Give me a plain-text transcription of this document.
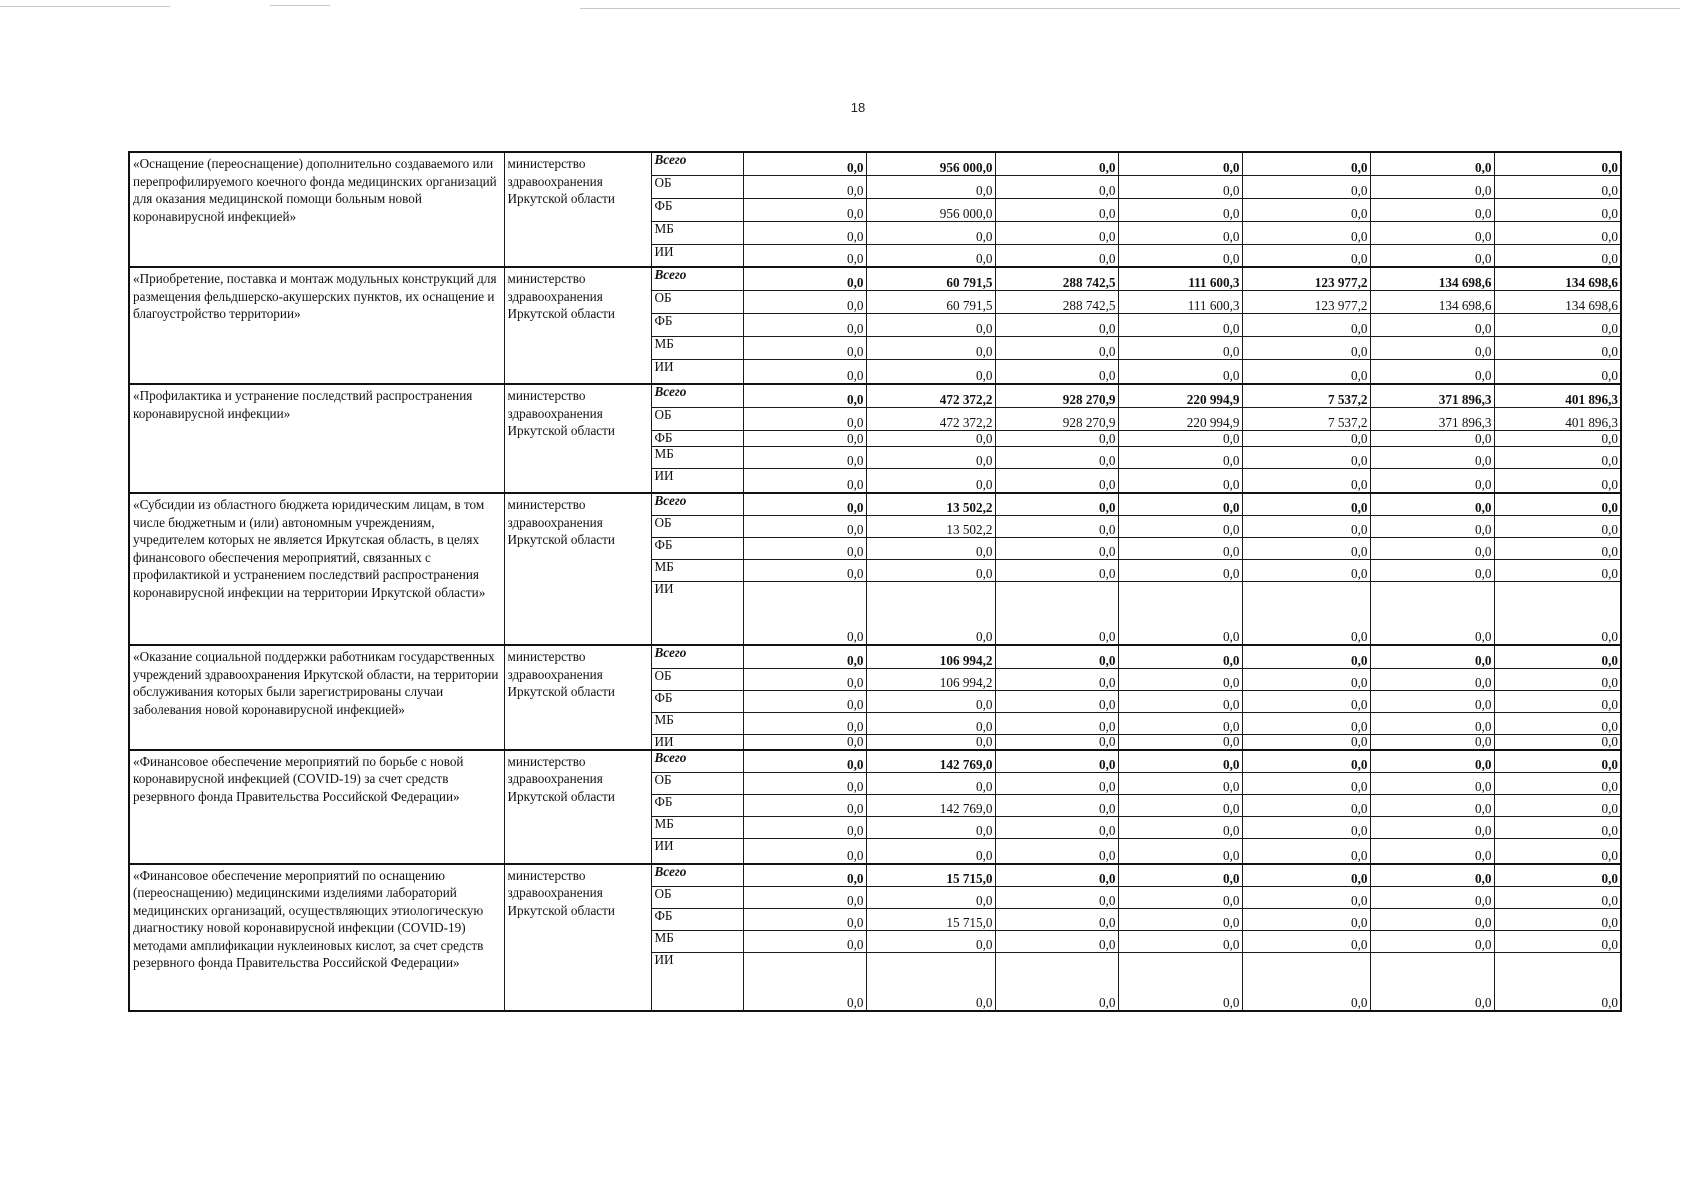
18
«Оснащение (переоснащение) дополнительно создаваемого или перепрофилируемого коечного фонда медицинских организаций для оказания медицинской помощи больным новой коронавирусной инфекцией»	министерство здравоохранения Иркутской области	Всего	0,0	956 000,0	0,0	0,0	0,0	0,0	0,0
		ОБ	0,0	0,0	0,0	0,0	0,0	0,0	0,0
		ФБ	0,0	956 000,0	0,0	0,0	0,0	0,0	0,0
		МБ	0,0	0,0	0,0	0,0	0,0	0,0	0,0
		ИИ	0,0	0,0	0,0	0,0	0,0	0,0	0,0
«Приобретение, поставка и монтаж модульных конструкций для размещения фельдшерско-акушерских пунктов, их оснащение и благоустройство территории»	министерство здравоохранения Иркутской области	Всего	0,0	60 791,5	288 742,5	111 600,3	123 977,2	134 698,6	134 698,6
		ОБ	0,0	60 791,5	288 742,5	111 600,3	123 977,2	134 698,6	134 698,6
		ФБ	0,0	0,0	0,0	0,0	0,0	0,0	0,0
		МБ	0,0	0,0	0,0	0,0	0,0	0,0	0,0
		ИИ	0,0	0,0	0,0	0,0	0,0	0,0	0,0
«Профилактика и устранение последствий распространения коронавирусной инфекции»	министерство здравоохранения Иркутской области	Всего	0,0	472 372,2	928 270,9	220 994,9	7 537,2	371 896,3	401 896,3
		ОБ	0,0	472 372,2	928 270,9	220 994,9	7 537,2	371 896,3	401 896,3
		ФБ	0,0	0,0	0,0	0,0	0,0	0,0	0,0
		МБ	0,0	0,0	0,0	0,0	0,0	0,0	0,0
		ИИ	0,0	0,0	0,0	0,0	0,0	0,0	0,0
«Субсидии из областного бюджета юридическим лицам, в том числе бюджетным и (или) автономным учреждениям, учредителем которых не является Иркутская область, в целях финансового обеспечения мероприятий, связанных с профилактикой и устранением последствий распространения коронавирусной инфекции на территории Иркутской области»	министерство здравоохранения Иркутской области	Всего	0,0	13 502,2	0,0	0,0	0,0	0,0	0,0
		ОБ	0,0	13 502,2	0,0	0,0	0,0	0,0	0,0
		ФБ	0,0	0,0	0,0	0,0	0,0	0,0	0,0
		МБ	0,0	0,0	0,0	0,0	0,0	0,0	0,0
		ИИ	0,0	0,0	0,0	0,0	0,0	0,0	0,0
«Оказание социальной поддержки работникам государственных учреждений здравоохранения Иркутской области, на территории обслуживания которых были зарегистрированы случаи заболевания новой коронавирусной инфекцией»	министерство здравоохранения Иркутской области	Всего	0,0	106 994,2	0,0	0,0	0,0	0,0	0,0
		ОБ	0,0	106 994,2	0,0	0,0	0,0	0,0	0,0
		ФБ	0,0	0,0	0,0	0,0	0,0	0,0	0,0
		МБ	0,0	0,0	0,0	0,0	0,0	0,0	0,0
		ИИ	0,0	0,0	0,0	0,0	0,0	0,0	0,0
«Финансовое обеспечение мероприятий по борьбе с новой коронавирусной инфекцией (COVID-19) за счет средств резервного фонда Правительства Российской Федерации»	министерство здравоохранения Иркутской области	Всего	0,0	142 769,0	0,0	0,0	0,0	0,0	0,0
		ОБ	0,0	0,0	0,0	0,0	0,0	0,0	0,0
		ФБ	0,0	142 769,0	0,0	0,0	0,0	0,0	0,0
		МБ	0,0	0,0	0,0	0,0	0,0	0,0	0,0
		ИИ	0,0	0,0	0,0	0,0	0,0	0,0	0,0
«Финансовое обеспечение мероприятий по оснащению (переоснащению) медицинскими изделиями лабораторий медицинских организаций, осуществляющих этиологическую диагностику новой коронавирусной инфекции (COVID-19) методами амплификации нуклеиновых кислот, за счет средств резервного фонда Правительства Российской Федерации»	министерство здравоохранения Иркутской области	Всего	0,0	15 715,0	0,0	0,0	0,0	0,0	0,0
		ОБ	0,0	0,0	0,0	0,0	0,0	0,0	0,0
		ФБ	0,0	15 715,0	0,0	0,0	0,0	0,0	0,0
		МБ	0,0	0,0	0,0	0,0	0,0	0,0	0,0
		ИИ	0,0	0,0	0,0	0,0	0,0	0,0	0,0
